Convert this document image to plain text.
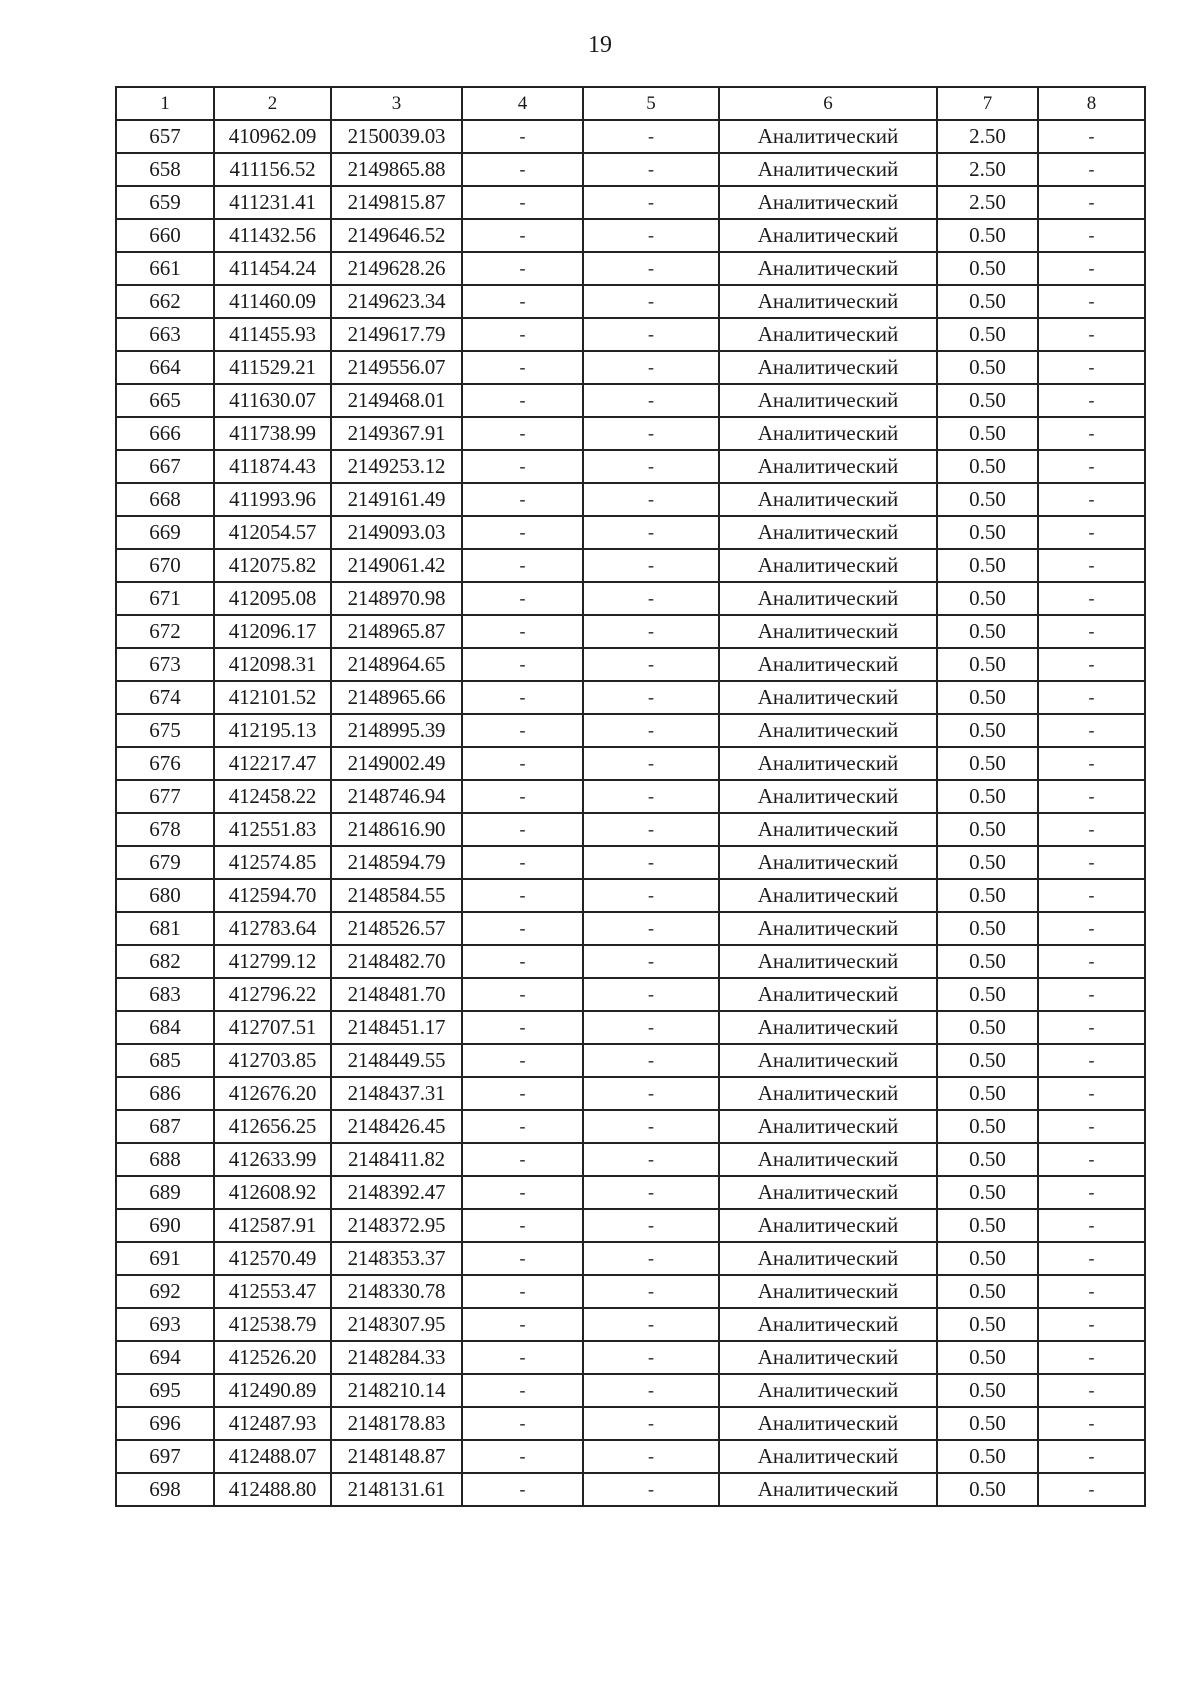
19
1	2	3	4	5	6	7	8
657	410962.09	2150039.03	-	-	Аналитический	2.50	-
658	411156.52	2149865.88	-	-	Аналитический	2.50	-
659	411231.41	2149815.87	-	-	Аналитический	2.50	-
660	411432.56	2149646.52	-	-	Аналитический	0.50	-
661	411454.24	2149628.26	-	-	Аналитический	0.50	-
662	411460.09	2149623.34	-	-	Аналитический	0.50	-
663	411455.93	2149617.79	-	-	Аналитический	0.50	-
664	411529.21	2149556.07	-	-	Аналитический	0.50	-
665	411630.07	2149468.01	-	-	Аналитический	0.50	-
666	411738.99	2149367.91	-	-	Аналитический	0.50	-
667	411874.43	2149253.12	-	-	Аналитический	0.50	-
668	411993.96	2149161.49	-	-	Аналитический	0.50	-
669	412054.57	2149093.03	-	-	Аналитический	0.50	-
670	412075.82	2149061.42	-	-	Аналитический	0.50	-
671	412095.08	2148970.98	-	-	Аналитический	0.50	-
672	412096.17	2148965.87	-	-	Аналитический	0.50	-
673	412098.31	2148964.65	-	-	Аналитический	0.50	-
674	412101.52	2148965.66	-	-	Аналитический	0.50	-
675	412195.13	2148995.39	-	-	Аналитический	0.50	-
676	412217.47	2149002.49	-	-	Аналитический	0.50	-
677	412458.22	2148746.94	-	-	Аналитический	0.50	-
678	412551.83	2148616.90	-	-	Аналитический	0.50	-
679	412574.85	2148594.79	-	-	Аналитический	0.50	-
680	412594.70	2148584.55	-	-	Аналитический	0.50	-
681	412783.64	2148526.57	-	-	Аналитический	0.50	-
682	412799.12	2148482.70	-	-	Аналитический	0.50	-
683	412796.22	2148481.70	-	-	Аналитический	0.50	-
684	412707.51	2148451.17	-	-	Аналитический	0.50	-
685	412703.85	2148449.55	-	-	Аналитический	0.50	-
686	412676.20	2148437.31	-	-	Аналитический	0.50	-
687	412656.25	2148426.45	-	-	Аналитический	0.50	-
688	412633.99	2148411.82	-	-	Аналитический	0.50	-
689	412608.92	2148392.47	-	-	Аналитический	0.50	-
690	412587.91	2148372.95	-	-	Аналитический	0.50	-
691	412570.49	2148353.37	-	-	Аналитический	0.50	-
692	412553.47	2148330.78	-	-	Аналитический	0.50	-
693	412538.79	2148307.95	-	-	Аналитический	0.50	-
694	412526.20	2148284.33	-	-	Аналитический	0.50	-
695	412490.89	2148210.14	-	-	Аналитический	0.50	-
696	412487.93	2148178.83	-	-	Аналитический	0.50	-
697	412488.07	2148148.87	-	-	Аналитический	0.50	-
698	412488.80	2148131.61	-	-	Аналитический	0.50	-
